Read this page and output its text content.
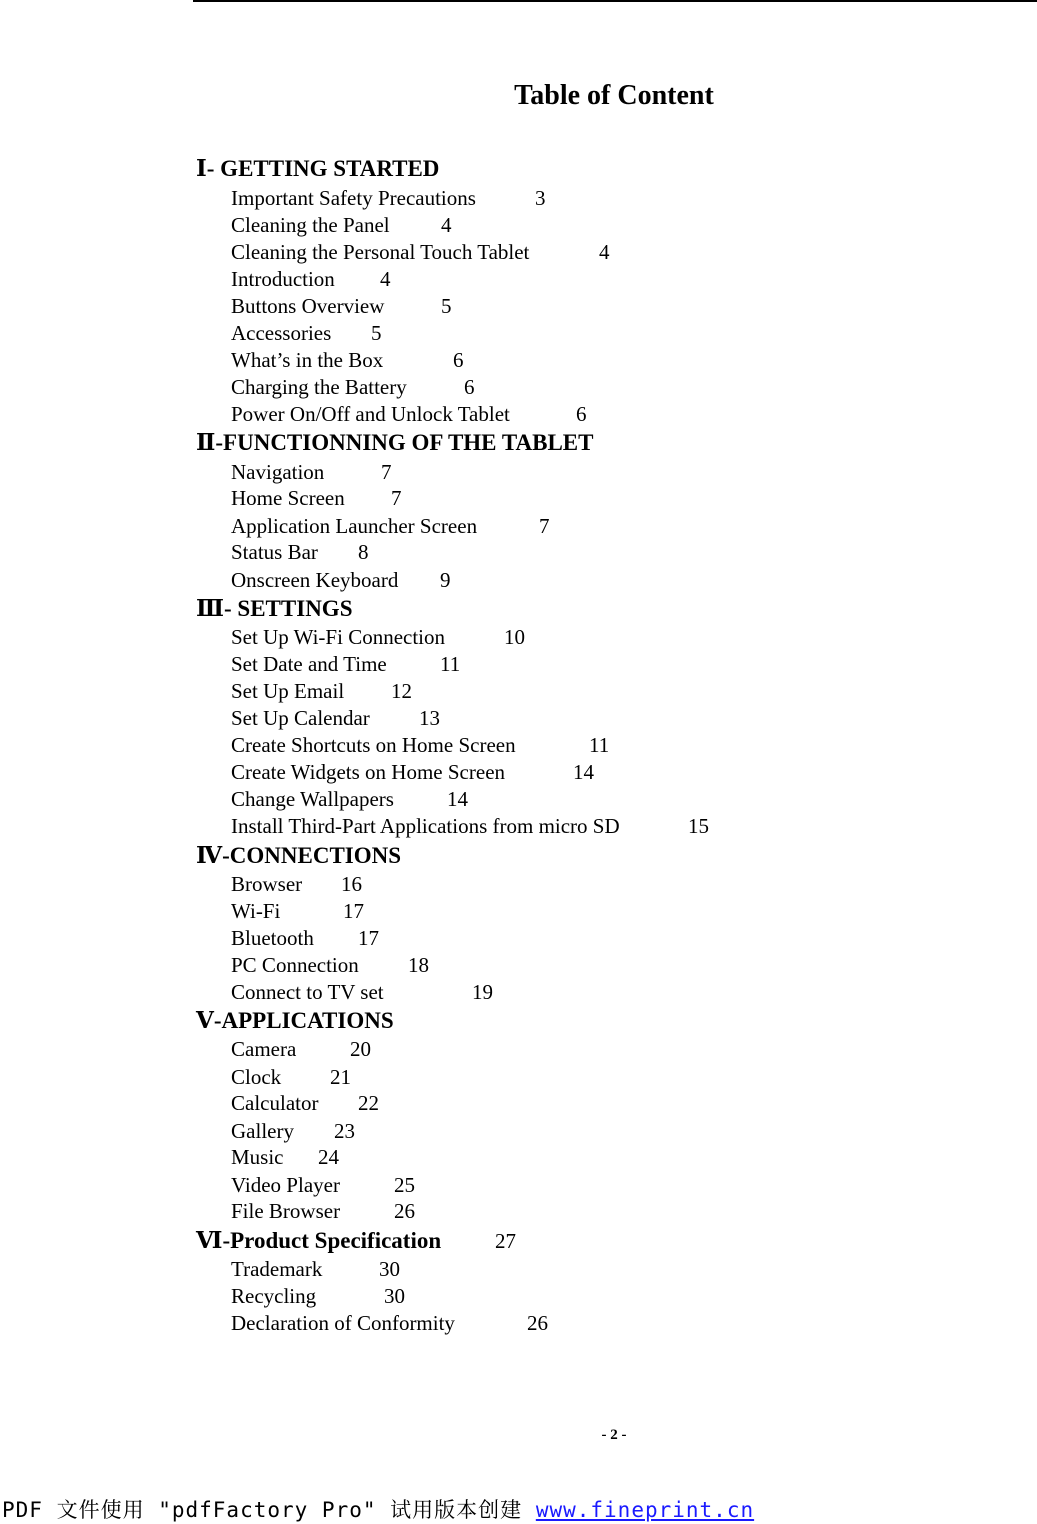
Table of Content
Ⅰ- GETTING STARTED
Important Safety Precautions	3
Cleaning the Panel 4
Cleaning the Personal Touch Tablet	4
Introduction 4
Buttons Overview	5
Accessories 5
What’s in the Box	6
Charging the Battery	6
Power On/Off and Unlock Tablet	6
Ⅱ-FUNCTIONNING OF THE TABLET
Navigation	7
Home Screen 7
Application Launcher Screen	7
Status Bar 8
Onscreen Keyboard 9
Ⅲ- SETTINGS
Set Up Wi-Fi Connection	10
Set Date and Time	11
Set Up Email 12
Set Up Calendar 13
Create Shortcuts on Home Screen	11
Create Widgets on Home Screen	14
Change Wallpapers	14
Install Third-Part Applications from micro SD	15
Ⅳ-CONNECTIONS
Browser 16
Wi-Fi	17
Bluetooth 17
PC Connection 18
Connect to TV set	19
Ⅴ-APPLICATIONS
Camera	20
Clock 21
Calculator 22
Gallery 23
Music 24
Video Player	25
File Browser	26
Ⅵ-Product Specification	27
Trademark	30
Recycling	30
Declaration of Conformity	26
- 2 -
PDF 文件使用 "pdfFactory Pro" 试用版本创建 www.fineprint.cn
